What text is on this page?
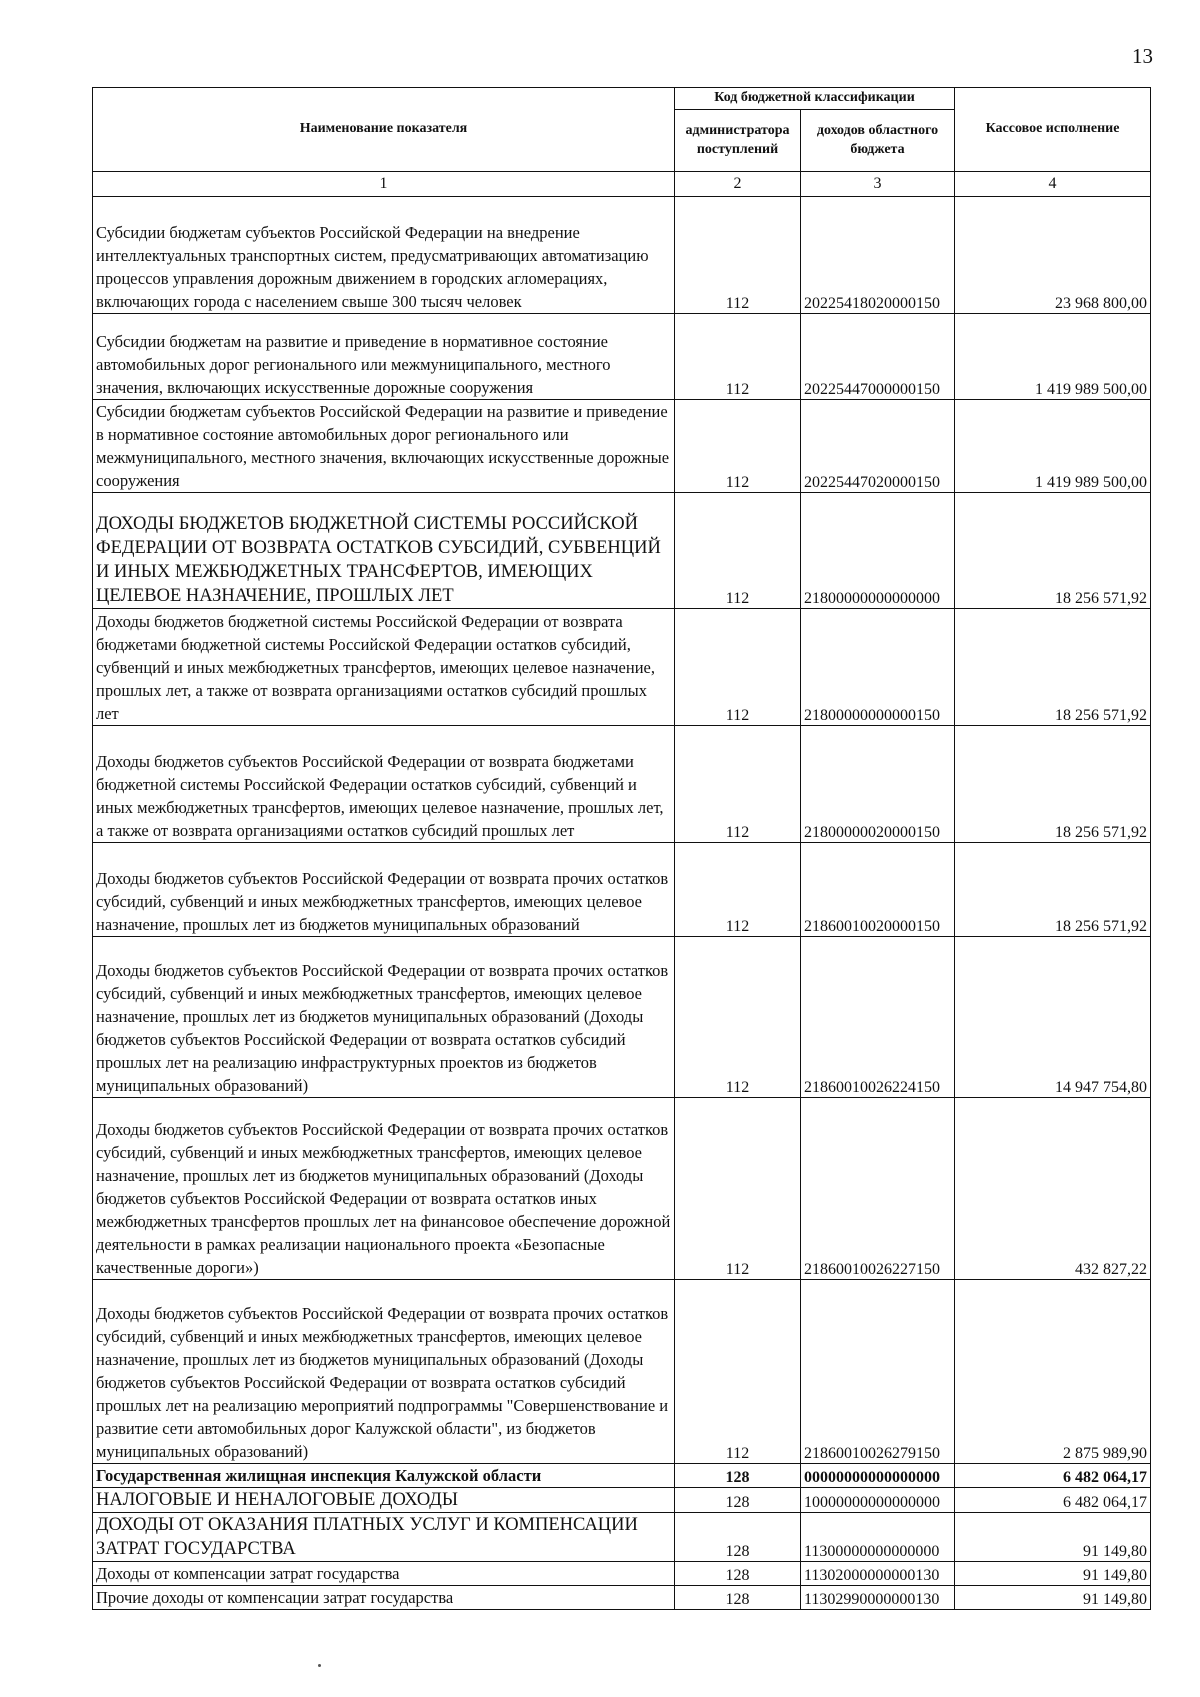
13
Наименование показателя	Код бюджетной классификации		Кассовое исполнение
	администратора поступлений	доходов областного бюджета	
1	2	3	4
Субсидии бюджетам субъектов Российской Федерации на внедрение интеллектуальных транспортных систем, предусматривающих автоматизацию процессов управления дорожным движением в городских агломерациях, включающих города с населением свыше 300 тысяч человек	112	20225418020000150	23 968 800,00
Субсидии бюджетам на развитие и приведение в нормативное состояние автомобильных дорог регионального или межмуниципального, местного значения, включающих искусственные дорожные сооружения	112	20225447000000150	1 419 989 500,00
Субсидии бюджетам субъектов Российской Федерации на развитие и приведение в нормативное состояние автомобильных дорог регионального или межмуниципального, местного значения, включающих искусственные дорожные сооружения	112	20225447020000150	1 419 989 500,00
ДОХОДЫ БЮДЖЕТОВ БЮДЖЕТНОЙ СИСТЕМЫ РОССИЙСКОЙ ФЕДЕРАЦИИ ОТ ВОЗВРАТА ОСТАТКОВ СУБСИДИЙ, СУБВЕНЦИЙ И ИНЫХ МЕЖБЮДЖЕТНЫХ ТРАНСФЕРТОВ, ИМЕЮЩИХ ЦЕЛЕВОЕ НАЗНАЧЕНИЕ, ПРОШЛЫХ ЛЕТ	112	21800000000000000	18 256 571,92
Доходы бюджетов бюджетной системы Российской Федерации от возврата бюджетами бюджетной системы Российской Федерации остатков субсидий, субвенций и иных межбюджетных трансфертов, имеющих целевое назначение, прошлых лет, а также от возврата организациями остатков субсидий прошлых лет	112	21800000000000150	18 256 571,92
Доходы бюджетов субъектов Российской Федерации от возврата бюджетами бюджетной системы Российской Федерации остатков субсидий, субвенций и иных межбюджетных трансфертов, имеющих целевое назначение, прошлых лет, а также от возврата организациями остатков субсидий прошлых лет	112	21800000020000150	18 256 571,92
Доходы бюджетов субъектов Российской Федерации от возврата прочих остатков субсидий, субвенций и иных межбюджетных трансфертов, имеющих целевое назначение, прошлых лет из бюджетов муниципальных образований	112	21860010020000150	18 256 571,92
Доходы бюджетов субъектов Российской Федерации от возврата прочих остатков субсидий, субвенций и иных межбюджетных трансфертов, имеющих целевое назначение, прошлых лет из бюджетов муниципальных образований (Доходы бюджетов субъектов Российской Федерации от возврата остатков субсидий прошлых лет на реализацию инфраструктурных проектов из бюджетов муниципальных образований)	112	21860010026224150	14 947 754,80
Доходы бюджетов субъектов Российской Федерации от возврата прочих остатков субсидий, субвенций и иных межбюджетных трансфертов, имеющих целевое назначение, прошлых лет из бюджетов муниципальных образований (Доходы бюджетов субъектов Российской Федерации от возврата остатков иных межбюджетных трансфертов прошлых лет на финансовое обеспечение дорожной деятельности в рамках реализации национального проекта «Безопасные качественные дороги»)	112	21860010026227150	432 827,22
Доходы бюджетов субъектов Российской Федерации от возврата прочих остатков субсидий, субвенций и иных межбюджетных трансфертов, имеющих целевое назначение, прошлых лет из бюджетов муниципальных образований (Доходы бюджетов субъектов Российской Федерации от возврата остатков субсидий прошлых лет на реализацию мероприятий подпрограммы "Совершенствование и развитие сети автомобильных дорог Калужской области", из бюджетов муниципальных образований)	112	21860010026279150	2 875 989,90
Государственная жилищная инспекция Калужской области	128	00000000000000000	6 482 064,17
НАЛОГОВЫЕ И НЕНАЛОГОВЫЕ ДОХОДЫ	128	10000000000000000	6 482 064,17
ДОХОДЫ ОТ ОКАЗАНИЯ ПЛАТНЫХ УСЛУГ И КОМПЕНСАЦИИ ЗАТРАТ ГОСУДАРСТВА	128	11300000000000000	91 149,80
Доходы от компенсации затрат государства	128	11302000000000130	91 149,80
Прочие доходы от компенсации затрат государства	128	11302990000000130	91 149,80
